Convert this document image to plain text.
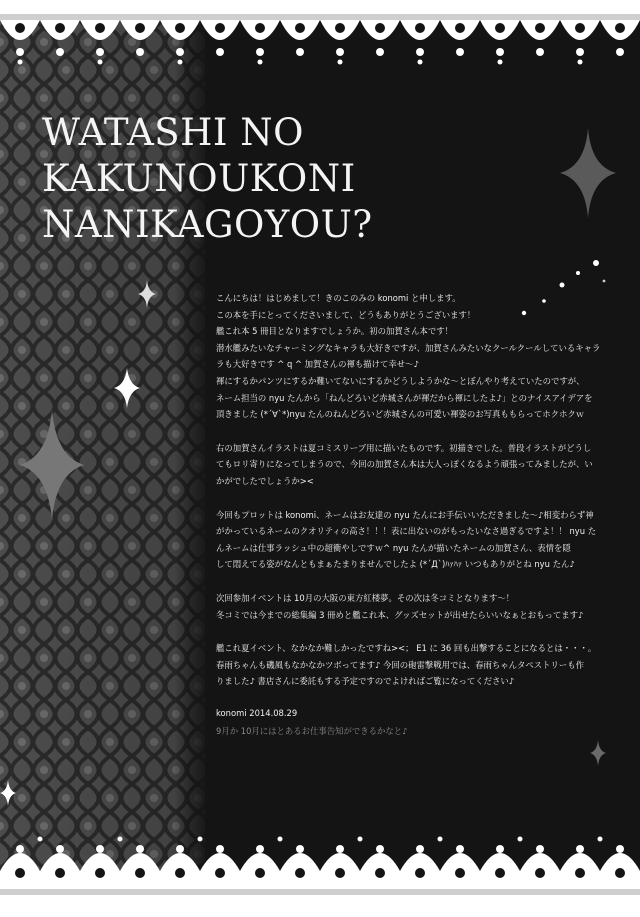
WATASHI NO
KAKUNOUKONI
NANIKAGOYOU?
こんにちは！はじめまして！きのこのみの konomi と申します。
この本を手にとってくださいまして、どうもありがとうございます！
艦これ本 5 冊目となりますでしょうか。初の加賀さん本です！
潜水艦みたいなチャーミングなキャラも大好きですが、加賀さんみたいなクールクールしているキャラ
ラも大好きです ^ q ^ 加賀さんの褌も描けて幸せ〜♪
褌にするかパンツにするか難いてないにするかどうしようかな〜とぼんやり考えていたのですが、
ネーム担当の nyu たんから「ねんどろいど赤城さんが褌だから褌にしたよ♪」とのナイスアイデアを
頂きました (*´∀`*)nyu たんのねんどろいど赤城さんの可愛い褌姿のお写真ももらってホクホクｗ
右の加賀さんイラストは夏コミスリーブ用に描いたものです。初描きでした。普段イラストがどうし
てもロリ寄りになってしまうので、今回の加賀さん本は大人っぽくなるよう頑張ってみましたが、い
かがでしたでしょうか><
今回もプロットは konomi、ネームはお友達の nyu たんにお手伝いいただきました〜♪相変わらず神
がかっているネームのクオリティの高さ！！！表に出ないのがもったいなさ過ぎるですよ！！ nyu た
んネームは仕事ラッシュ中の超衝やしですｗ^ nyu たんが描いたネームの加賀さん、表情を隠
して悶えてる姿がなんともまぁたまりませんでしたよ (*´Д`)ﾊｧﾊｧ いつもありがとね nyu たん♪
次回参加イベントは 10月の大阪の東方紅楼夢。その次は冬コミとなります〜！
冬コミでは今までの総集編 3 冊めと艦これ本、グッズセットが出せたらいいなぁとおもってます♪
艦これ夏イベント、なかなか難しかったですね><； E1 に 36 回も出撃することになるとは・・・。
春雨ちゃんも磯風もなかなかツボってます♪ 今回の砲雷撃戦用では、春雨ちゃんタペストリーも作
りました♪ 書店さんに委託もする予定ですのでよければご覧になってください♪
konomi 2014.08.29
9月か 10月にはとあるお仕事告知ができるかなと♪
